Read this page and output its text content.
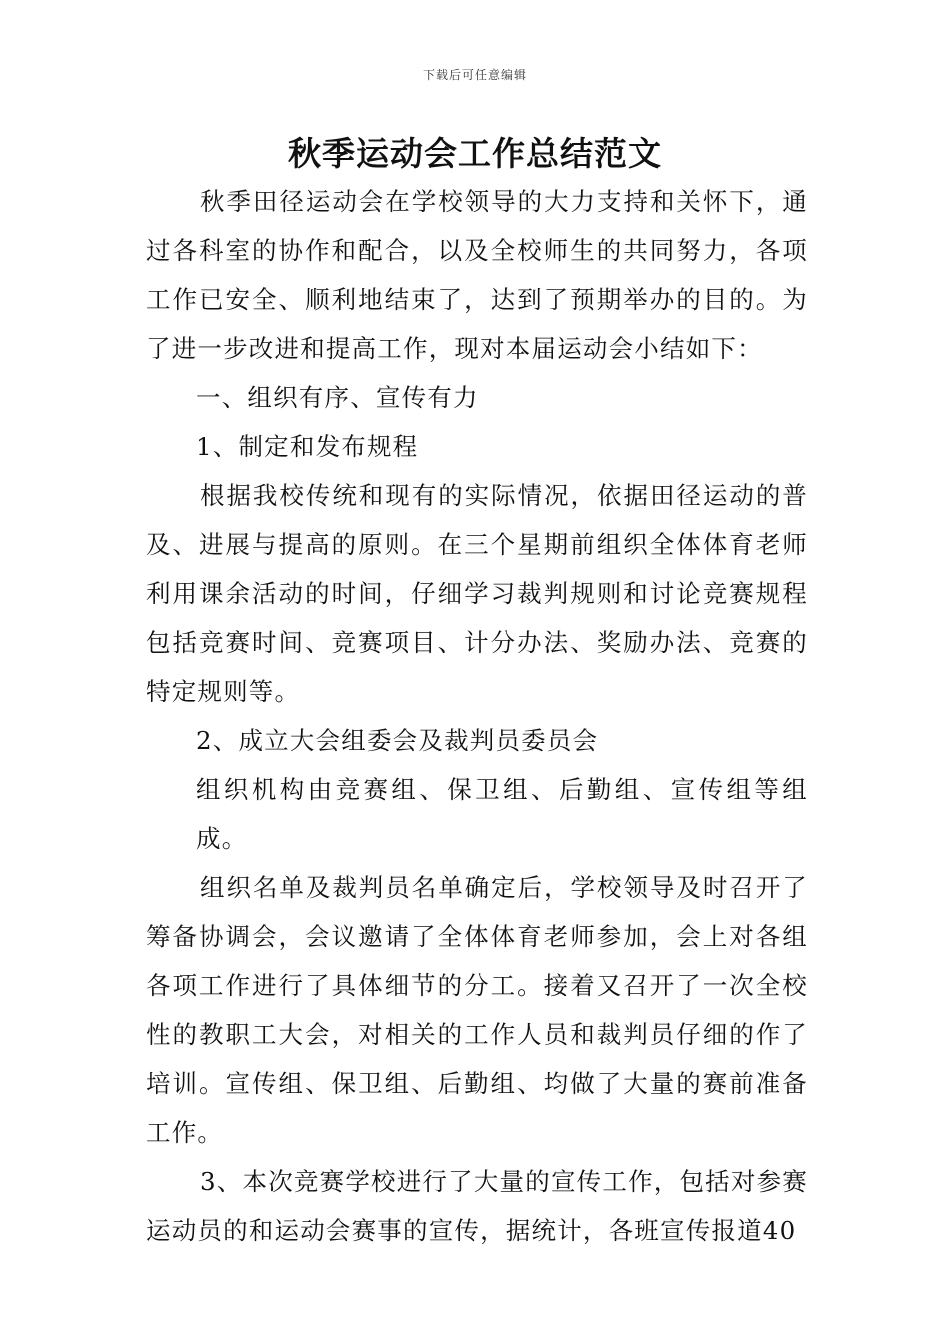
下载后可任意编辑
秋季运动会工作总结范文

秋季田径运动会在学校领导的大力支持和关怀下，通过各科室的协作和配合，以及全校师生的共同努力，各项工作已安全、顺利地结束了，达到了预期举办的目的。为了进一步改进和提高工作，现对本届运动会小结如下：

一、组织有序、宣传有力

1、制定和发布规程

根据我校传统和现有的实际情况，依据田径运动的普及、进展与提高的原则。在三个星期前组织全体体育老师利用课余活动的时间，仔细学习裁判规则和讨论竞赛规程包括竞赛时间、竞赛项目、计分办法、奖励办法、竞赛的特定规则等。

2、成立大会组委会及裁判员委员会

组织机构由竞赛组、保卫组、后勤组、宣传组等组成。

组织名单及裁判员名单确定后，学校领导及时召开了筹备协调会，会议邀请了全体体育老师参加，会上对各组各项工作进行了具体细节的分工。接着又召开了一次全校性的教职工大会，对相关的工作人员和裁判员仔细的作了培训。宣传组、保卫组、后勤组、均做了大量的赛前准备工作。

3、本次竞赛学校进行了大量的宣传工作，包括对参赛运动员的和运动会赛事的宣传，据统计，各班宣传报道40
